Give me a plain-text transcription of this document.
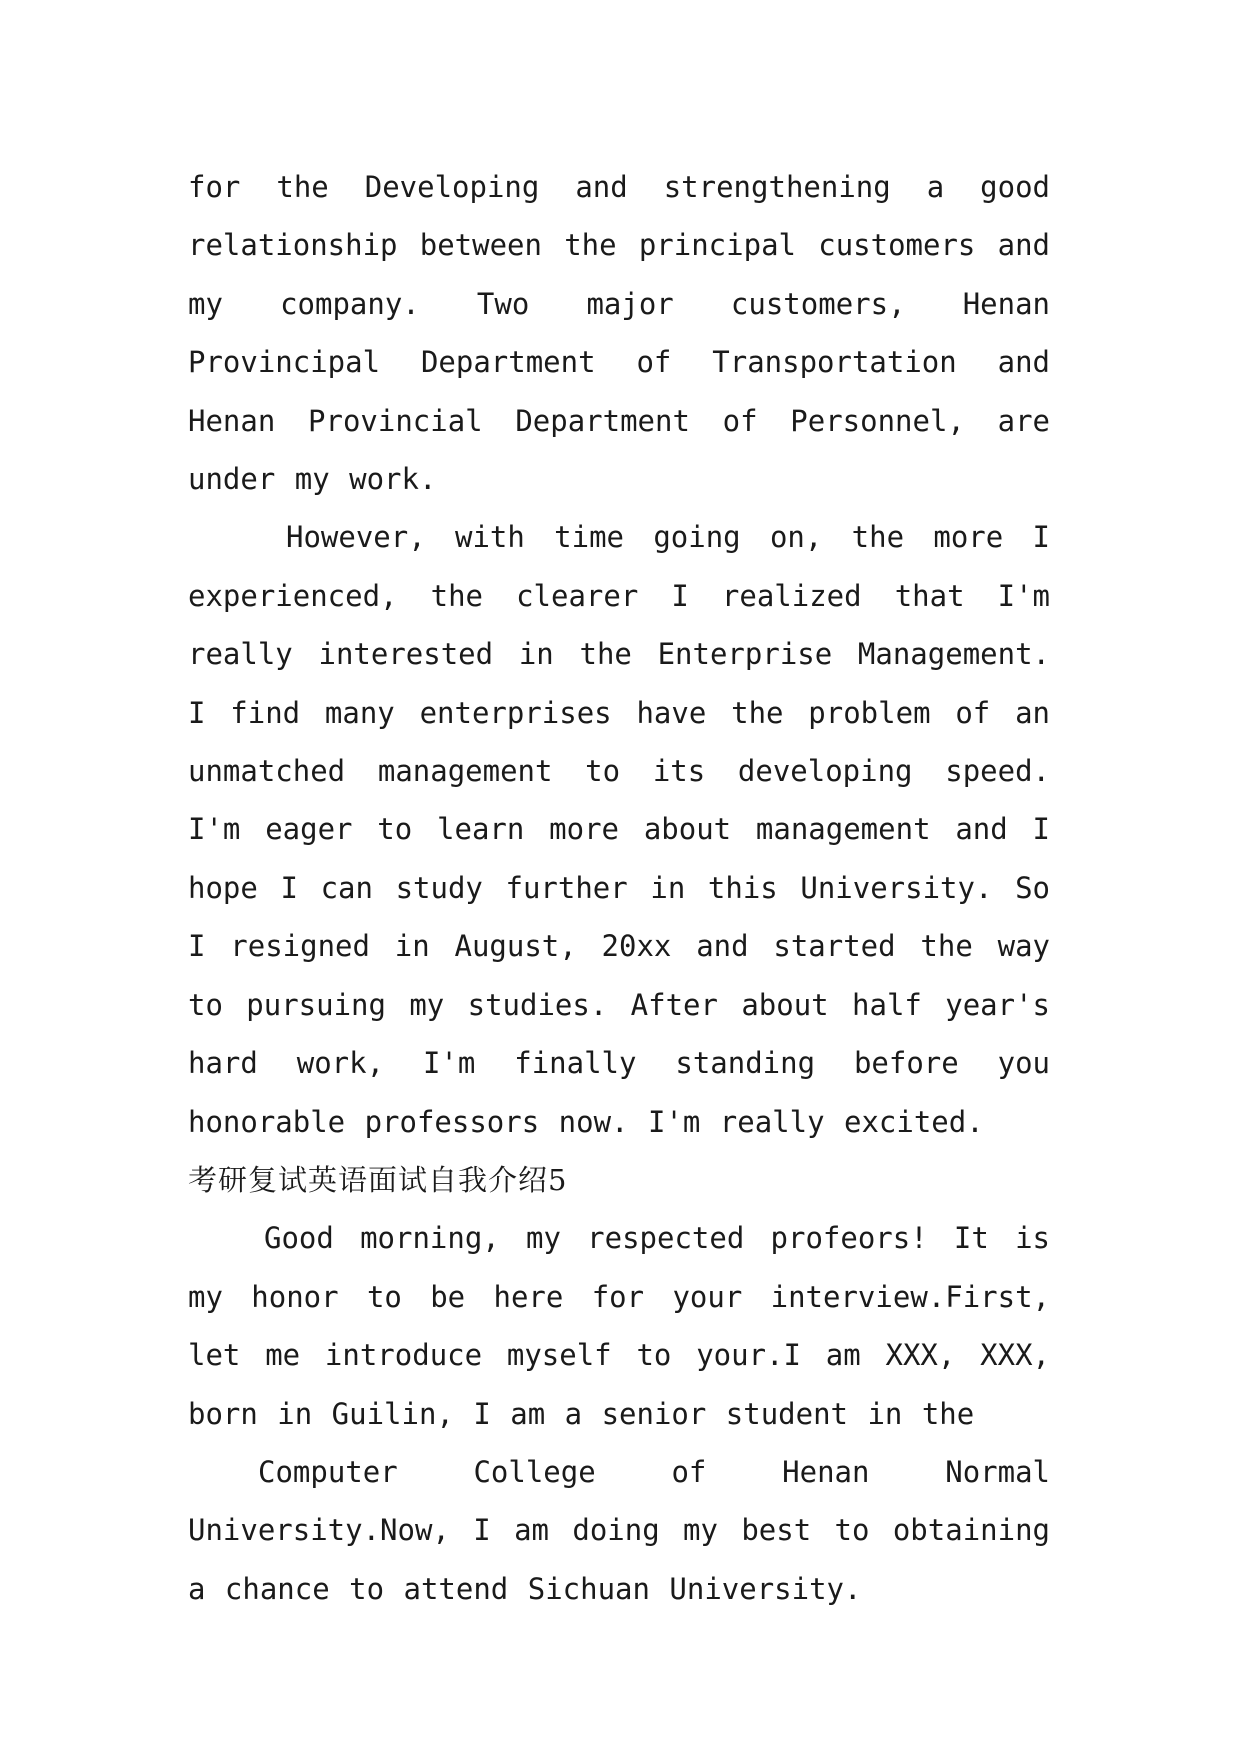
for the Developing and strengthening a good relationship between the principal customers and my company. Two major customers, Henan Provincipal Department of Transportation and Henan Provincial Department of Personnel, are under my work.

However, with time going on, the more I experienced, the clearer I realized that I'm really interested in the Enterprise Management. I find many enterprises have the problem of an unmatched management to its developing speed. I'm eager to learn more about management and I hope I can study further in this University. So I resigned in August, 20xx and started the way to pursuing my studies. After about half year's hard work, I'm finally standing before you honorable professors now. I'm really excited.

考研复试英语面试自我介绍5

Good morning, my respected profeors! It is my honor to be here for your interview.First, let me introduce myself to your.I am XXX, XXX, born in Guilin, I am a senior student in the

Computer College of Henan Normal University.Now, I am doing my best to obtaining a chance to attend Sichuan University.
